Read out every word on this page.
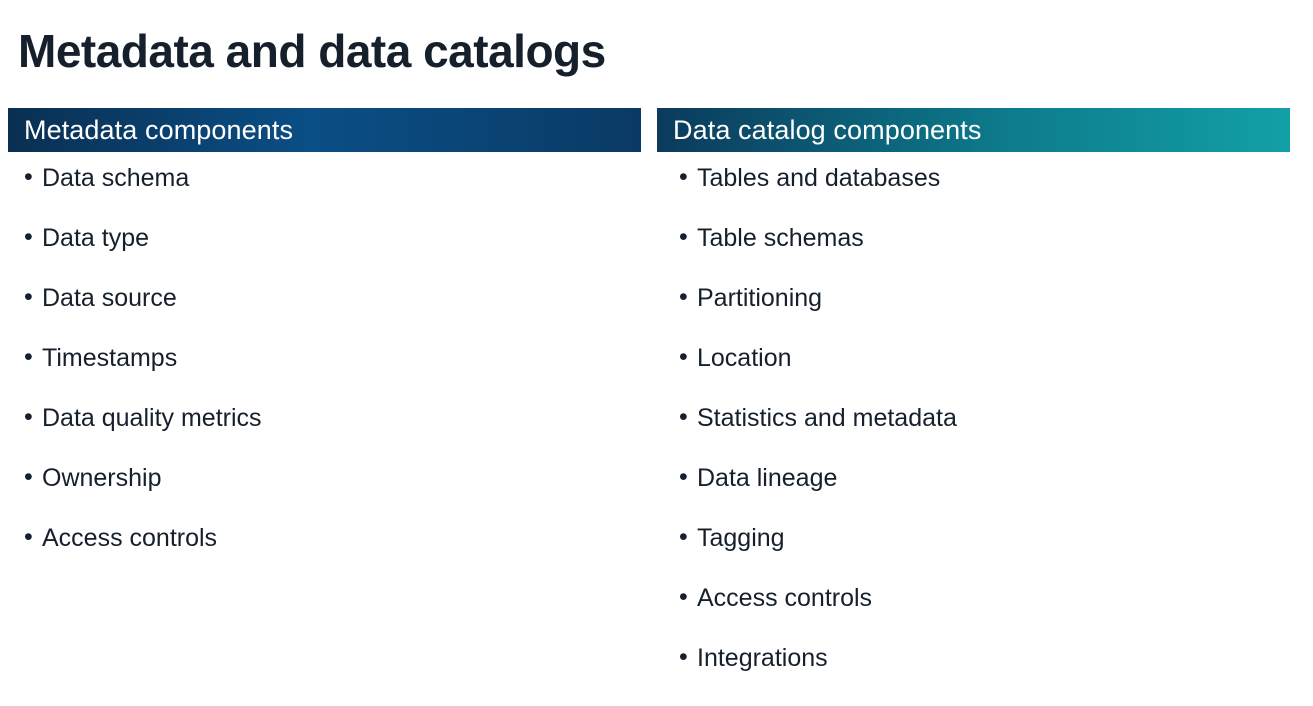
Metadata and data catalogs
Metadata components
• Data schema
• Data type
• Data source
• Timestamps
• Data quality metrics
• Ownership
• Access controls
Data catalog components
• Tables and databases
• Table schemas
• Partitioning
• Location
• Statistics and metadata
• Data lineage
• Tagging
• Access controls
• Integrations
